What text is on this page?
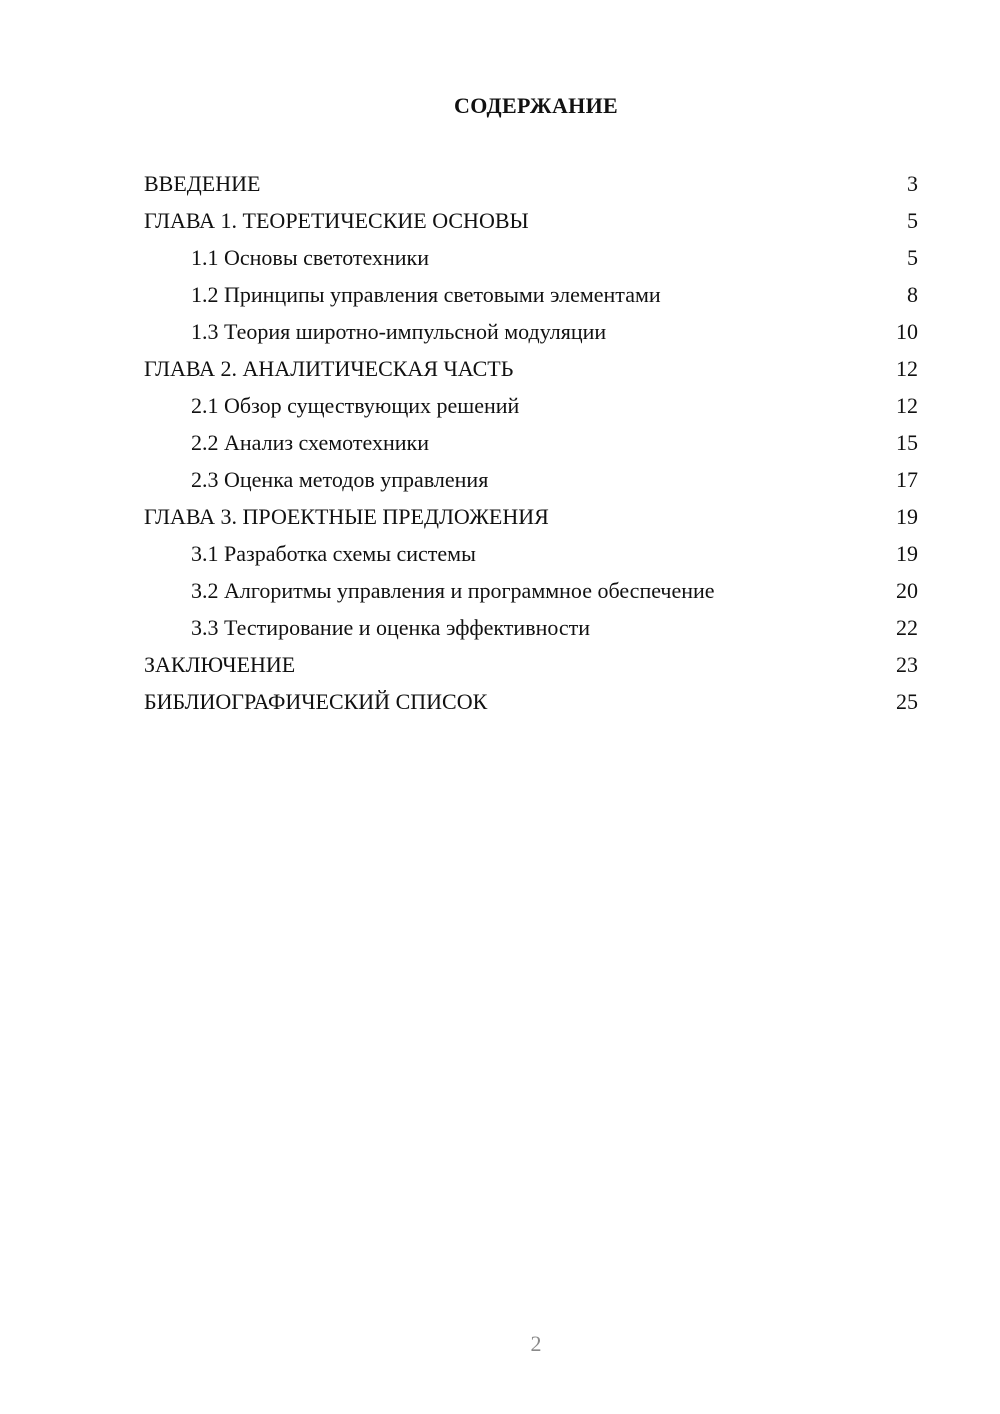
СОДЕРЖАНИЕ
ВВЕДЕНИЕ	3
ГЛАВА 1. ТЕОРЕТИЧЕСКИЕ ОСНОВЫ	5
1.1 Основы светотехники	5
1.2 Принципы управления световыми элементами	8
1.3 Теория широтно-импульсной модуляции	10
ГЛАВА 2. АНАЛИТИЧЕСКАЯ ЧАСТЬ	12
2.1 Обзор существующих решений	12
2.2 Анализ схемотехники	15
2.3 Оценка методов управления	17
ГЛАВА 3. ПРОЕКТНЫЕ ПРЕДЛОЖЕНИЯ	19
3.1 Разработка схемы системы	19
3.2 Алгоритмы управления и программное обеспечение	20
3.3 Тестирование и оценка эффективности	22
ЗАКЛЮЧЕНИЕ	23
БИБЛИОГРАФИЧЕСКИЙ СПИСОК	25
2
